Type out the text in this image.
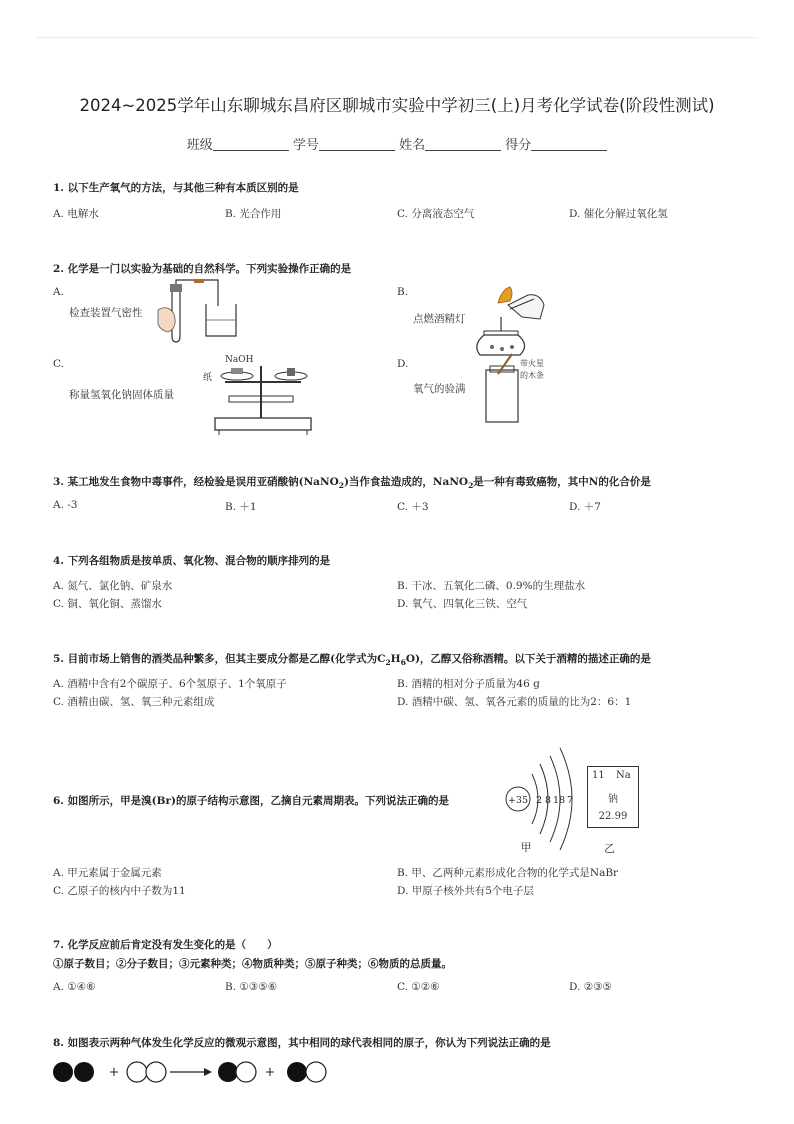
2024~2025学年山东聊城东昌府区聊城市实验中学初三(上)月考化学试卷(阶段性测试)
班级	学号	姓名	得分
1. 以下生产氧气的方法，与其他三种有本质区别的是
A. 电解水	B. 光合作用	C. 分离液态空气	D. 催化分解过氧化氢
2. 化学是一门以实验为基础的自然科学。下列实验操作正确的是
A.
检查装置气密性
B.
点燃酒精灯
C.
称量氢氧化钠固体质量
D.
氧气的验满
NaOH
纸
带火星
的木条
3. 某工地发生食物中毒事件，经检验是误用亚硝酸钠(NaNO$_2$)当作食盐造成的，NaNO$_2$是一种有毒致癌物，其中N的化合价是
A. -3	B. ＋1	C. ＋3	D. ＋7
4. 下列各组物质是按单质、氧化物、混合物的顺序排列的是
A. 氮气、氯化钠、矿泉水	B. 干冰、五氧化二磷、0.9%的生理盐水
C. 铜、氧化铜、蒸馏水	D. 氧气、四氧化三铁、空气
5. 目前市场上销售的酒类品种繁多，但其主要成分都是乙醇(化学式为$C_2H_6O$)，乙醇又俗称酒精。以下关于酒精的描述正确的是
A. 酒精中含有2个碳原子、6个氢原子、1个氧原子	B. 酒精的相对分子质量为46 g
C. 酒精由碳、氢、氧三种元素组成	D. 酒精中碳、氢、氧各元素的质量的比为2：6：1
6. 如图所示，甲是溴(Br)的原子结构示意图，乙摘自元素周期表。下列说法正确的是	+35 2 8 18 7
甲
11 Na
钠
22.99
乙
A. 甲元素属于金属元素	B. 甲、乙两种元素形成化合物的化学式是NaBr
C. 乙原子的核内中子数为11	D. 甲原子核外共有5个电子层
7. 化学反应前后肯定没有发生变化的是（　　）
①原子数目；②分子数目；③元素种类；④物质种类；⑤原子种类；⑥物质的总质量。
A. ①④⑥	B. ①③⑤⑥	C. ①②⑥	D. ②③⑤
8. 如图表示两种气体发生化学反应的微观示意图，其中相同的球代表相同的原子，你认为下列说法正确的是
+	+
